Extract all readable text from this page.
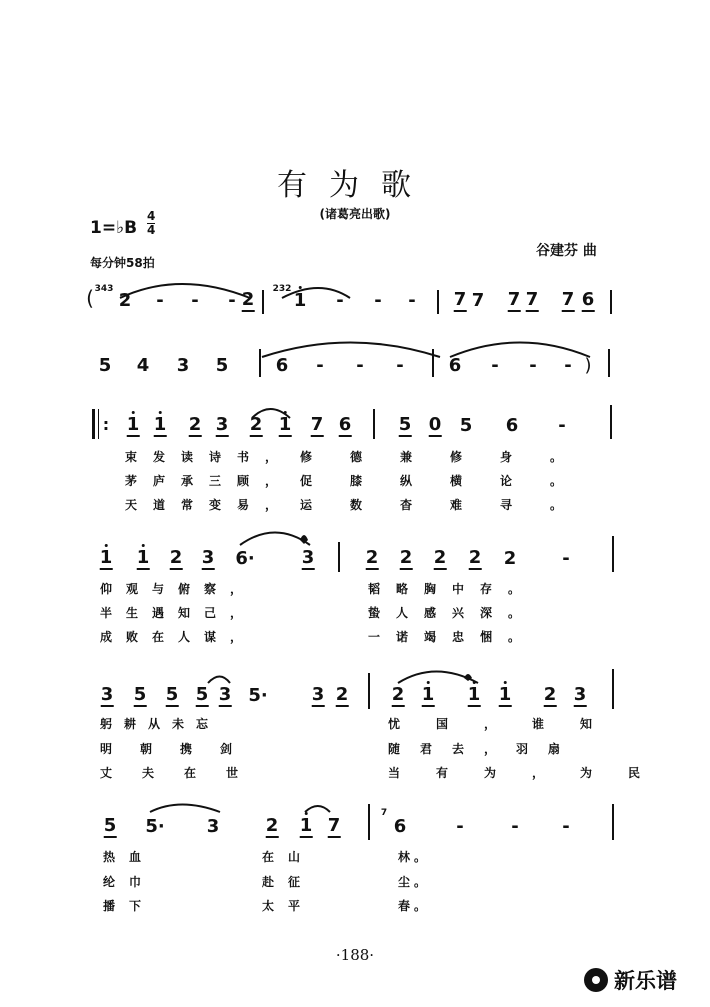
有为歌
(诸葛亮出歌)
1=♭B
4
4
谷建芬 曲
每分钟58拍
( 343
2 - - - 2 232
1 - - - 7 7 7 7 7 6
5 4 3 5	6 - - - 6 - - - )
: 1 1 2 3 2 1 7 6	5 0 5 6 -
束发读诗书， 修德兼修身。
茅庐承三顾， 促膝纵横论。
天道常变易， 运数杳难寻。
1 1 2 3 6·	3	2 2 2 2 2	-
仰观与俯察，	韬略胸中存。
半生遇知己，	蛰人感兴深。
成败在人谋，	一诺竭忠悃。
3 5 5 5 3 5· 3 2 2 1 1 1 2 3
躬耕从未忘	忧国，谁知
明朝携剑	随君去，羽扇
丈夫在世	当有为，为民
5 5· 3	2 1 7
7
6	-	- -
热血	在山	林。
纶巾	赴征	尘。
播下	太平	春。
·188·
新乐谱
